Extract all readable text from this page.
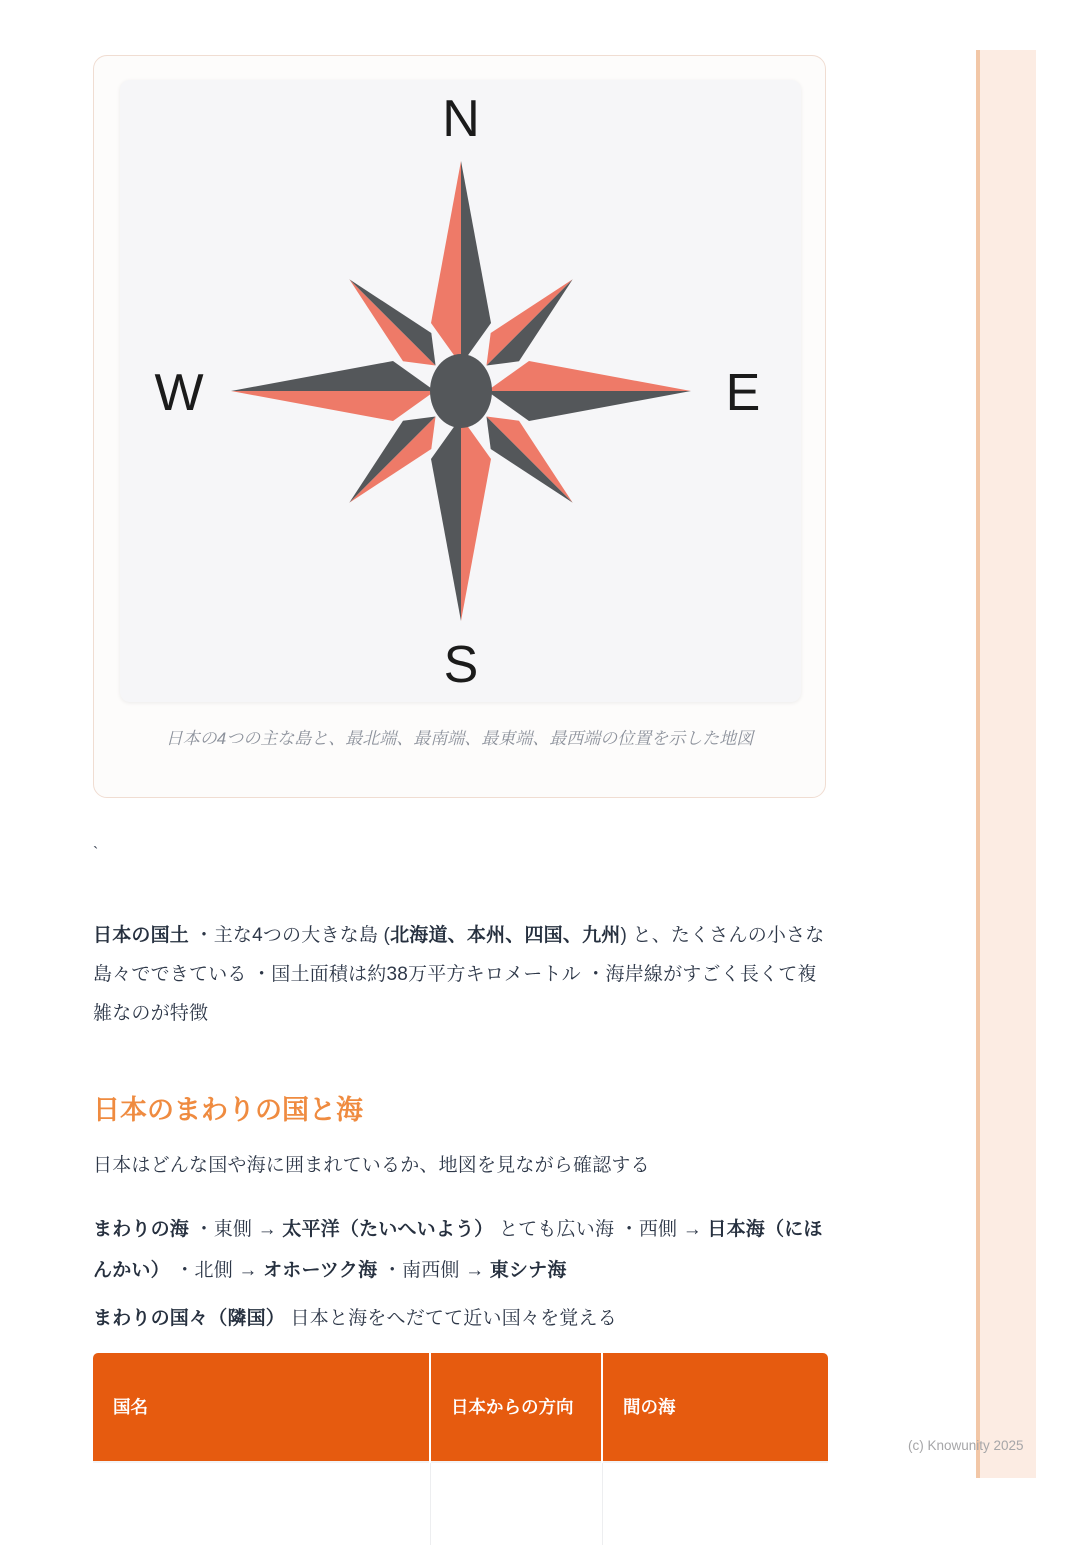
N
E
S
W
日本の4つの主な島と、最北端、最南端、最東端、最西端の位置を示した地図
`

日本の国土 ・主な4つの大きな島 (北海道、本州、四国、九州) と、たくさんの小さな島々でできている ・国土面積は約38万平方キロメートル ・海岸線がすごく長くて複雑なのが特徴

日本のまわりの国と海

日本はどんな国や海に囲まれているか、地図を見ながら確認する

まわりの海 ・東側 → 太平洋（たいへいよう） とても広い海 ・西側 → 日本海（にほんかい） ・北側 → オホーツク海 ・南西側 → 東シナ海

まわりの国々（隣国） 日本と海をへだてて近い国々を覚える

国名	日本からの方向	間の海

(c) Knowunity 2025
